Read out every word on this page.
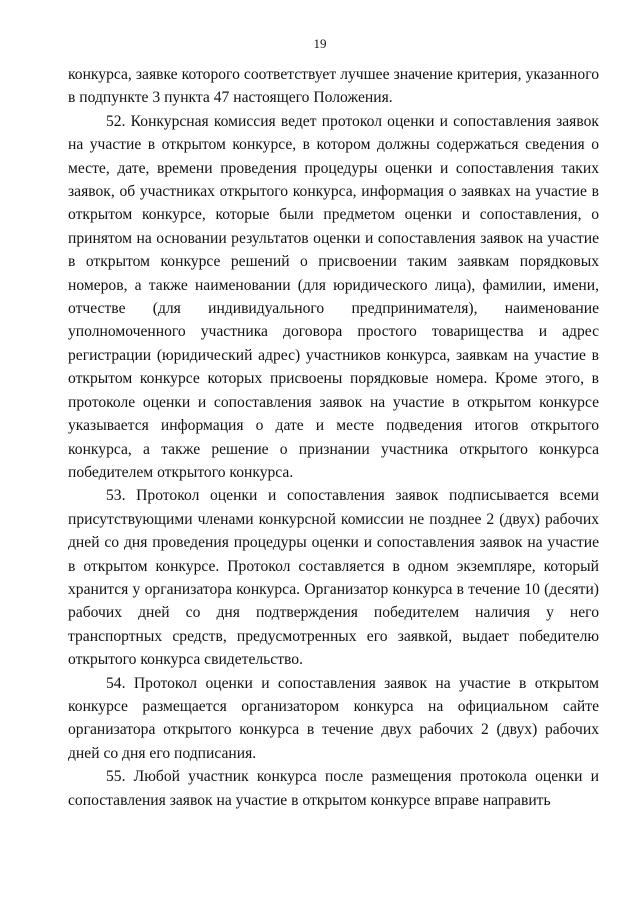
19

конкурса, заявке которого соответствует лучшее значение критерия, указанного в подпункте 3 пункта 47 настоящего Положения.

52. Конкурсная комиссия ведет протокол оценки и сопоставления заявок на участие в открытом конкурсе, в котором должны содержаться сведения о месте, дате, времени проведения процедуры оценки и сопоставления таких заявок, об участниках открытого конкурса, информация о заявках на участие в открытом конкурсе, которые были предметом оценки и сопоставления, о принятом на основании результатов оценки и сопоставления заявок на участие в открытом конкурсе решений о присвоении таким заявкам порядковых номеров, а также наименовании (для юридического лица), фамилии, имени, отчестве (для индивидуального предпринимателя), наименование уполномоченного участника договора простого товарищества и адрес регистрации (юридический адрес) участников конкурса, заявкам на участие в открытом конкурсе которых присвоены порядковые номера. Кроме этого, в протоколе оценки и сопоставления заявок на участие в открытом конкурсе указывается информация о дате и месте подведения итогов открытого конкурса, а также решение о признании участника открытого конкурса победителем открытого конкурса.

53. Протокол оценки и сопоставления заявок подписывается всеми присутствующими членами конкурсной комиссии не позднее 2 (двух) рабочих дней со дня проведения процедуры оценки и сопоставления заявок на участие в открытом конкурсе. Протокол составляется в одном экземпляре, который хранится у организатора конкурса. Организатор конкурса в течение 10 (десяти) рабочих дней со дня подтверждения победителем наличия у него транспортных средств, предусмотренных его заявкой, выдает победителю открытого конкурса свидетельство.

54. Протокол оценки и сопоставления заявок на участие в открытом конкурсе размещается организатором конкурса на официальном сайте организатора открытого конкурса в течение двух рабочих 2 (двух) рабочих дней со дня его подписания.

55. Любой участник конкурса после размещения протокола оценки и сопоставления заявок на участие в открытом конкурсе вправе направить
